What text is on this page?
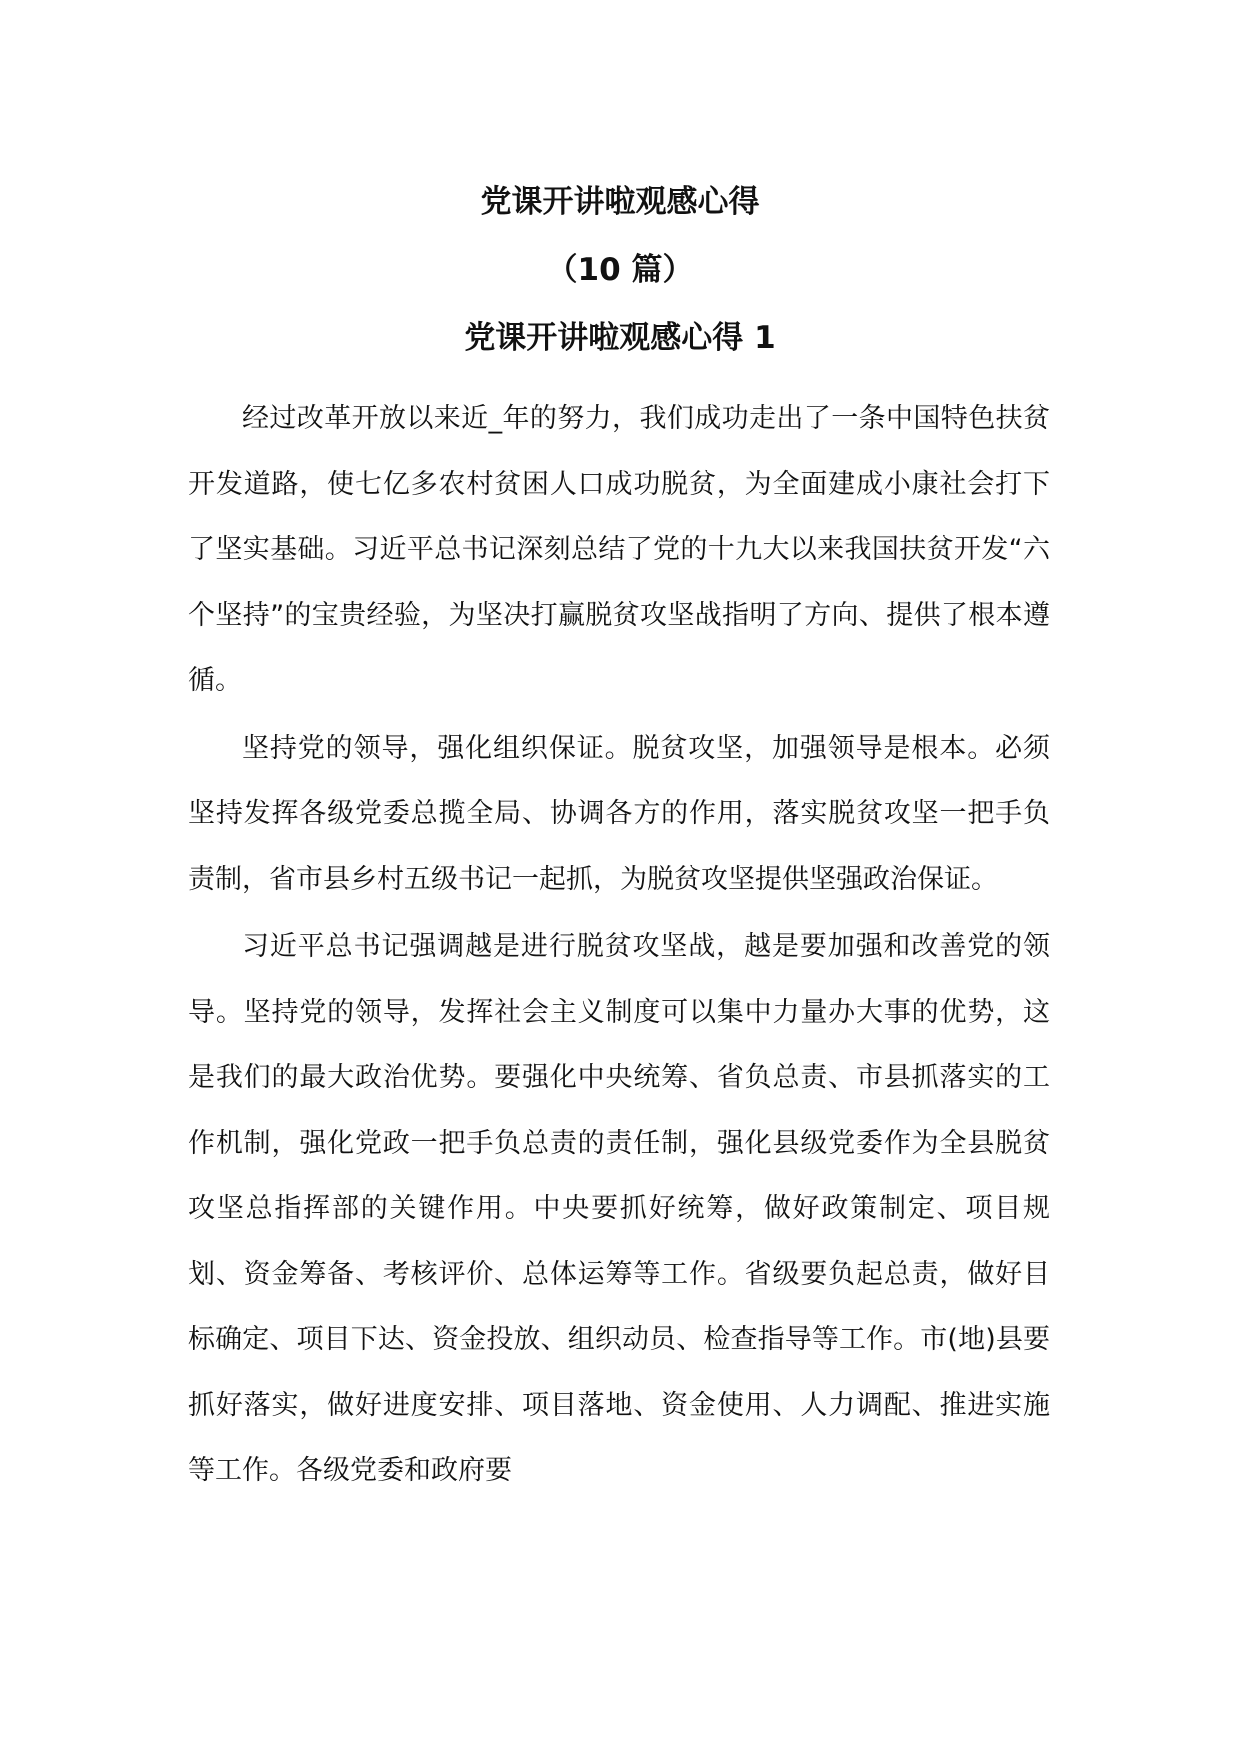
党课开讲啦观感心得
（10 篇）
党课开讲啦观感心得 1

经过改革开放以来近_年的努力，我们成功走出了一条中国特色扶贫开发道路，使七亿多农村贫困人口成功脱贫，为全面建成小康社会打下了坚实基础。习近平总书记深刻总结了党的十九大以来我国扶贫开发“六个坚持”的宝贵经验，为坚决打赢脱贫攻坚战指明了方向、提供了根本遵循。

坚持党的领导，强化组织保证。脱贫攻坚，加强领导是根本。必须坚持发挥各级党委总揽全局、协调各方的作用，落实脱贫攻坚一把手负责制，省市县乡村五级书记一起抓，为脱贫攻坚提供坚强政治保证。

习近平总书记强调越是进行脱贫攻坚战，越是要加强和改善党的领导。坚持党的领导，发挥社会主义制度可以集中力量办大事的优势，这是我们的最大政治优势。要强化中央统筹、省负总责、市县抓落实的工作机制，强化党政一把手负总责的责任制，强化县级党委作为全县脱贫攻坚总指挥部的关键作用。中央要抓好统筹，做好政策制定、项目规划、资金筹备、考核评价、总体运筹等工作。省级要负起总责，做好目标确定、项目下达、资金投放、组织动员、检查指导等工作。市(地)县要抓好落实，做好进度安排、项目落地、资金使用、人力调配、推进实施等工作。各级党委和政府要
